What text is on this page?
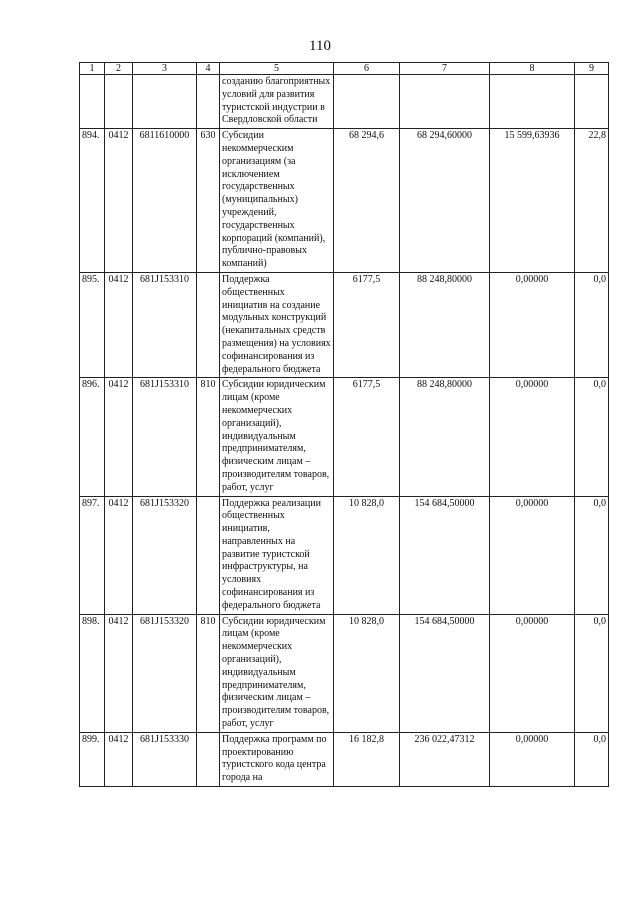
110
1	2	3	4	5	6	7	8	9
				созданию благоприятных условий для развития туристской индустрии в Свердловской области				
894.	0412	6811610000	630	Субсидии некоммерческим организациям (за исключением государственных (муниципальных) учреждений, государственных корпораций (компаний), публично-правовых компаний)	68 294,6	68 294,60000	15 599,63936	22,8
895.	0412	681J153310		Поддержка общественных инициатив на создание модульных конструкций (некапитальных средств размещения) на условиях софинансирования из федерального бюджета	6177,5	88 248,80000	0,00000	0,0
896.	0412	681J153310	810	Субсидии юридическим лицам (кроме некоммерческих организаций), индивидуальным предпринимателям, физическим лицам – производителям товаров, работ, услуг	6177,5	88 248,80000	0,00000	0,0
897.	0412	681J153320		Поддержка реализации общественных инициатив, направленных на развитие туристской инфраструктуры, на условиях софинансирования из федерального бюджета	10 828,0	154 684,50000	0,00000	0,0
898.	0412	681J153320	810	Субсидии юридическим лицам (кроме некоммерческих организаций), индивидуальным предпринимателям, физическим лицам – производителям товаров, работ, услуг	10 828,0	154 684,50000	0,00000	0,0
899.	0412	681J153330		Поддержка программ по проектированию туристского кода центра города на	16 182,8	236 022,47312	0,00000	0,0
